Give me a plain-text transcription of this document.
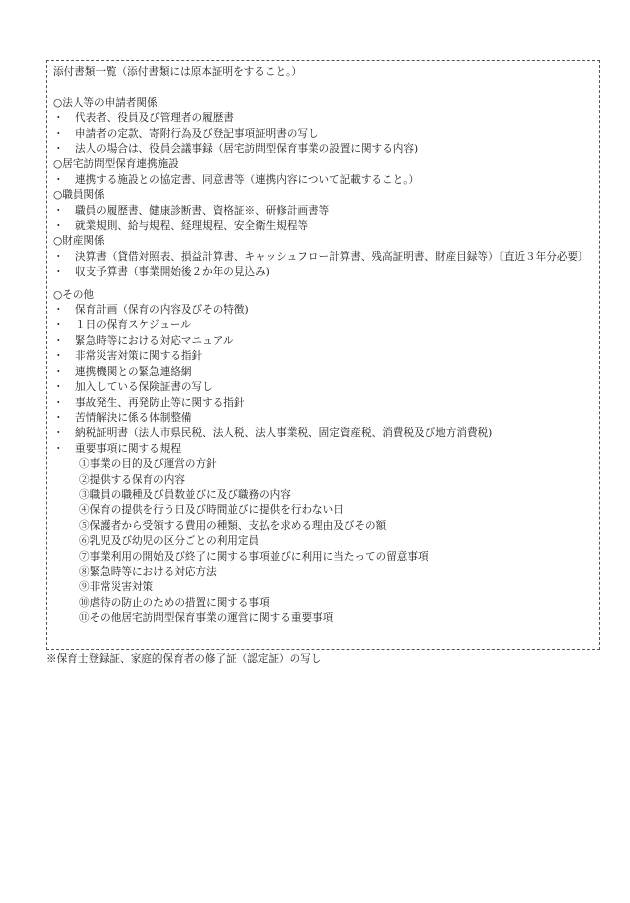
添付書類一覧（添付書類には原本証明をすること。）
○法人等の申請者関係
・	代表者、役員及び管理者の履歴書
・	申請者の定款、寄附行為及び登記事項証明書の写し
・	法人の場合は、役員会議事録（居宅訪問型保育事業の設置に関する内容)
○居宅訪問型保育連携施設
・	連携する施設との協定書、同意書等（連携内容について記載すること。）
○職員関係
・	職員の履歴書、健康診断書、資格証※、研修計画書等
・	就業規則、給与規程、経理規程、安全衛生規程等
○財産関係
・	決算書（貸借対照表、損益計算書、キャッシュフロー計算書、残高証明書、財産目録等）〔直近３年分必要〕
・	収支予算書（事業開始後２か年の見込み)
○その他
・	保育計画（保育の内容及びその特徴)
・	１日の保育スケジュール
・	緊急時等における対応マニュアル
・	非常災害対策に関する指針
・	連携機関との緊急連絡網
・	加入している保険証書の写し
・	事故発生、再発防止等に関する指針
・	苦情解決に係る体制整備
・	納税証明書（法人市県民税、法人税、法人事業税、固定資産税、消費税及び地方消費税)
・	重要事項に関する規程
①事業の目的及び運営の方針
②提供する保育の内容
③職員の職種及び員数並びに及び職務の内容
④保育の提供を行う日及び時間並びに提供を行わない日
⑤保護者から受領する費用の種類、支払を求める理由及びその額
⑥乳児及び幼児の区分ごとの利用定員
⑦事業利用の開始及び終了に関する事項並びに利用に当たっての留意事項
⑧緊急時等における対応方法
⑨非常災害対策
⑩虐待の防止のための措置に関する事項
⑪その他居宅訪問型保育事業の運営に関する重要事項
※保育士登録証、家庭的保育者の修了証（認定証）の写し
